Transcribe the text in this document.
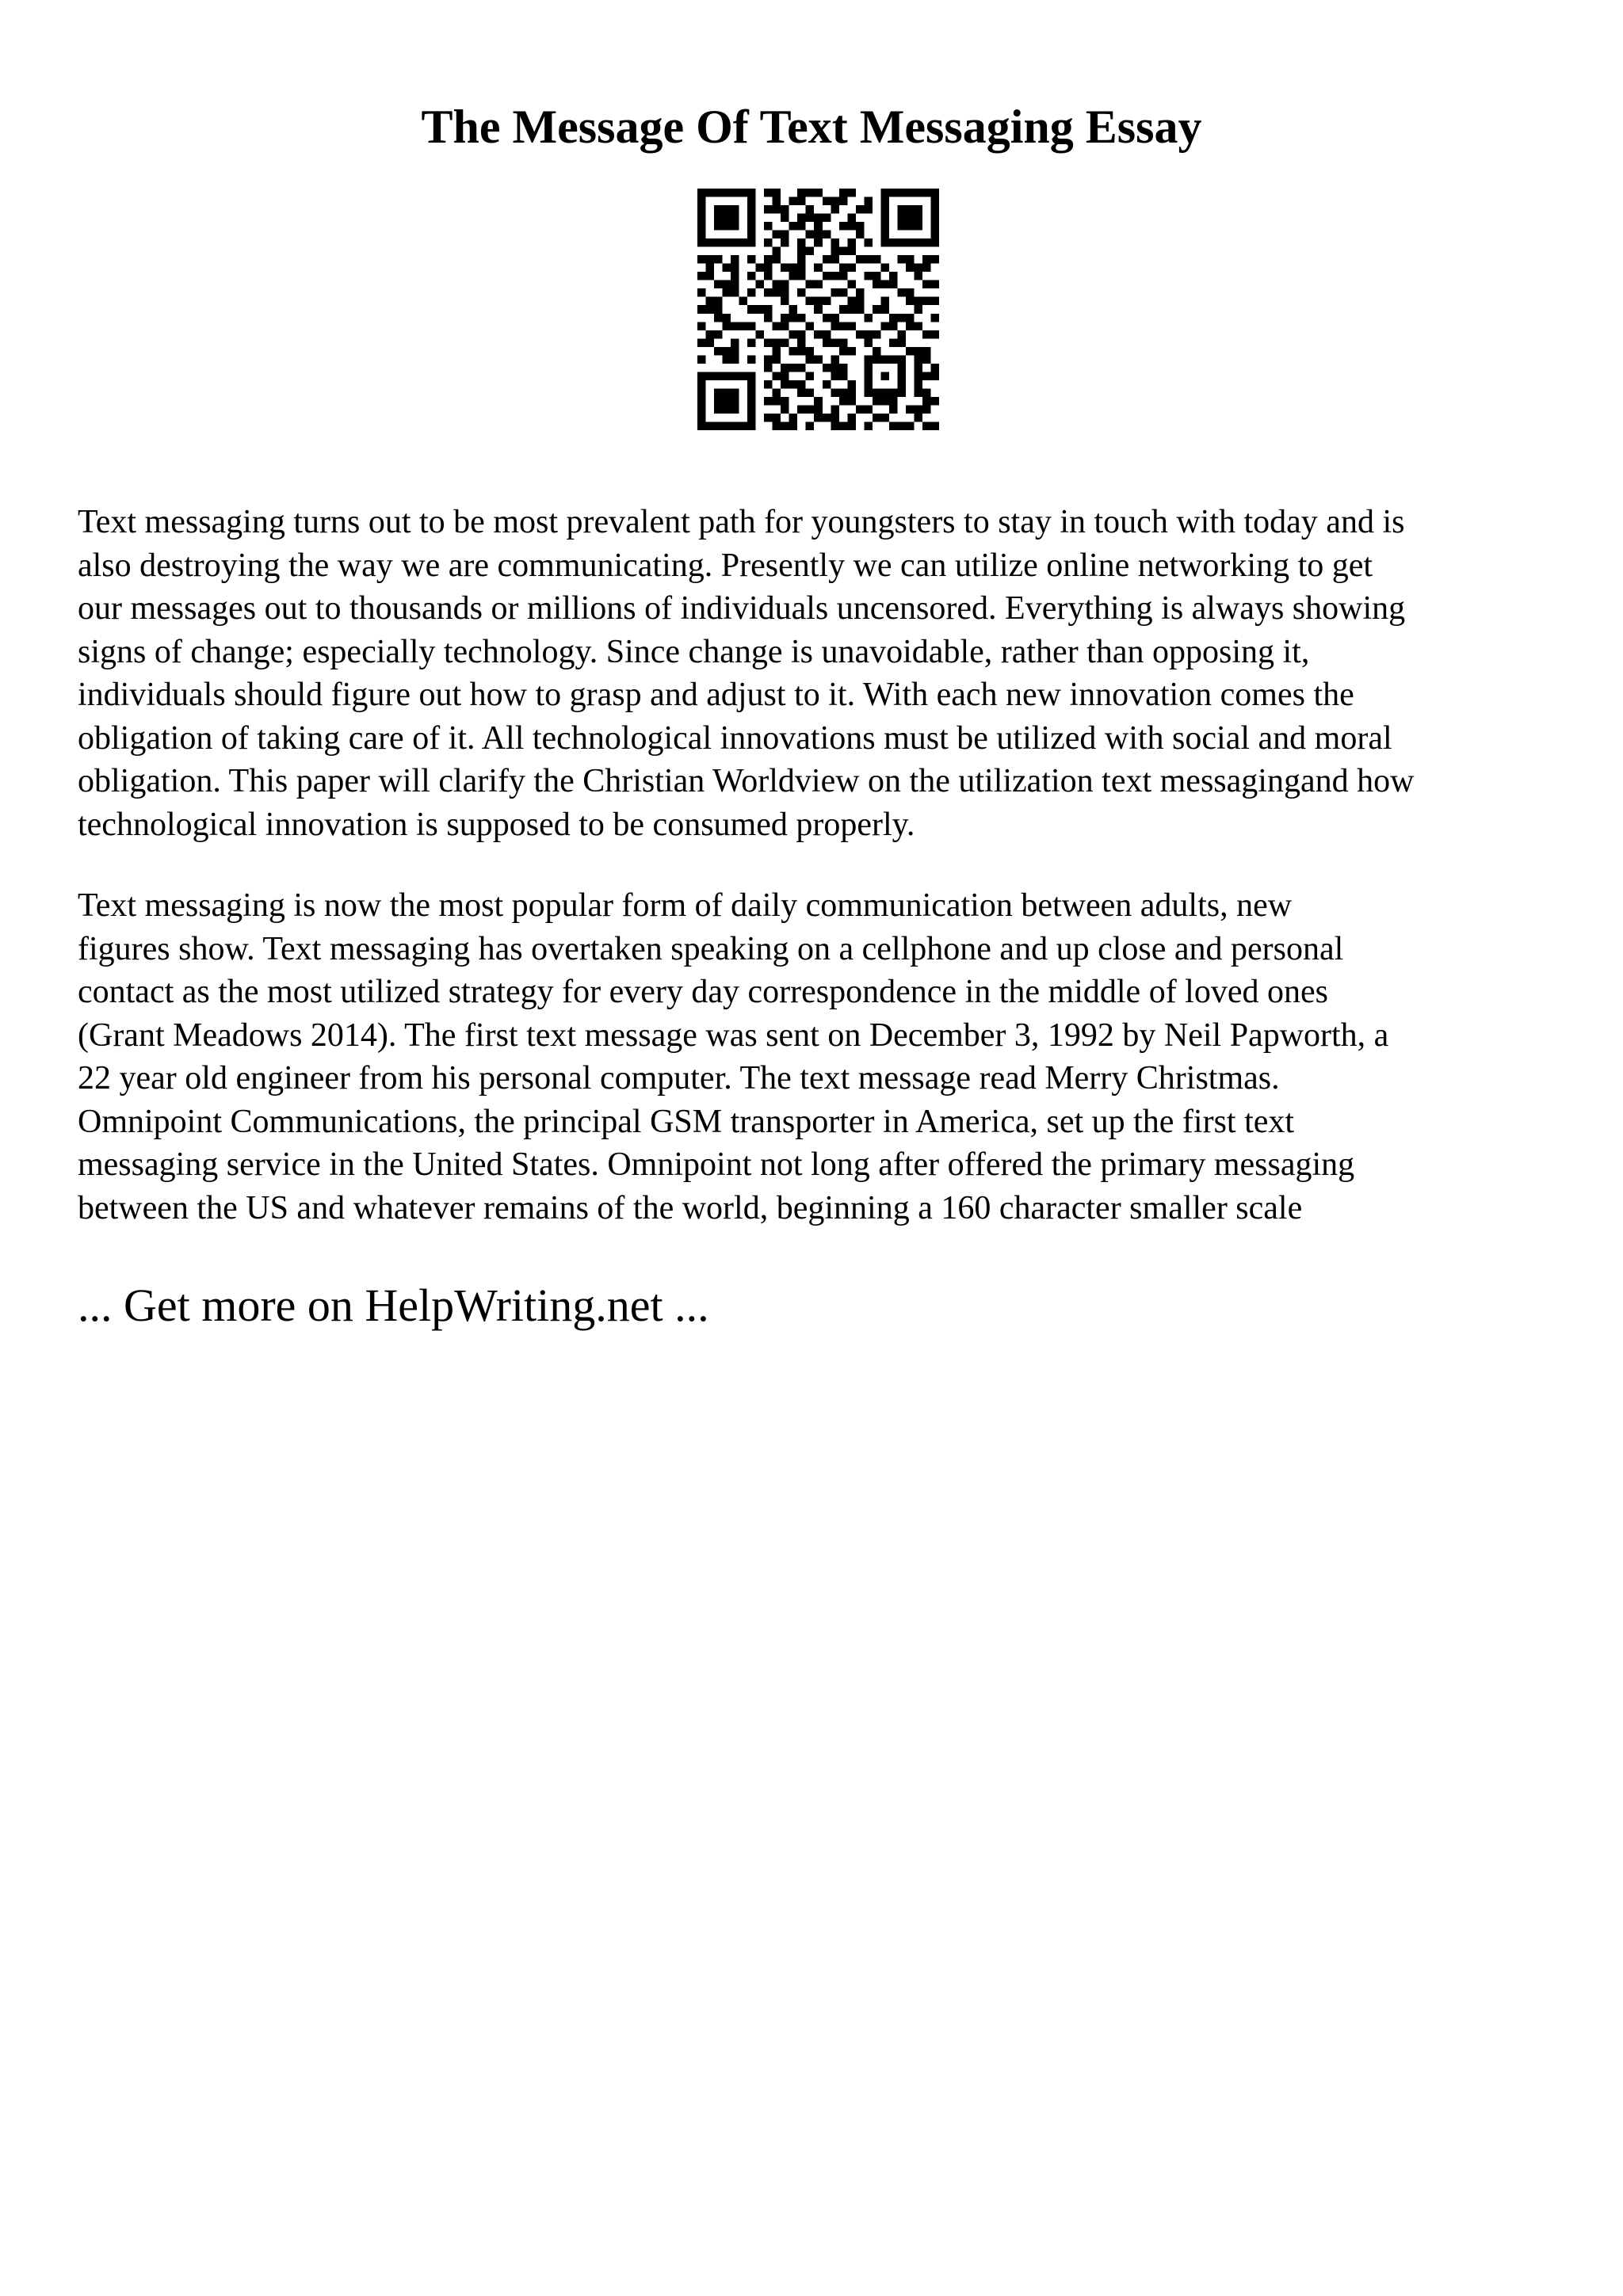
The Message Of Text Messaging Essay

Text messaging turns out to be most prevalent path for youngsters to stay in touch with today and is
also destroying the way we are communicating. Presently we can utilize online networking to get
our messages out to thousands or millions of individuals uncensored. Everything is always showing
signs of change; especially technology. Since change is unavoidable, rather than opposing it,
individuals should figure out how to grasp and adjust to it. With each new innovation comes the
obligation of taking care of it. All technological innovations must be utilized with social and moral
obligation. This paper will clarify the Christian Worldview on the utilization text messagingand how
technological innovation is supposed to be consumed properly.

Text messaging is now the most popular form of daily communication between adults, new
figures show. Text messaging has overtaken speaking on a cellphone and up close and personal
contact as the most utilized strategy for every day correspondence in the middle of loved ones
(Grant Meadows 2014). The first text message was sent on December 3, 1992 by Neil Papworth, a
22 year old engineer from his personal computer. The text message read Merry Christmas.
Omnipoint Communications, the principal GSM transporter in America, set up the first text
messaging service in the United States. Omnipoint not long after offered the primary messaging
between the US and whatever remains of the world, beginning a 160 character smaller scale

... Get more on HelpWriting.net ...
